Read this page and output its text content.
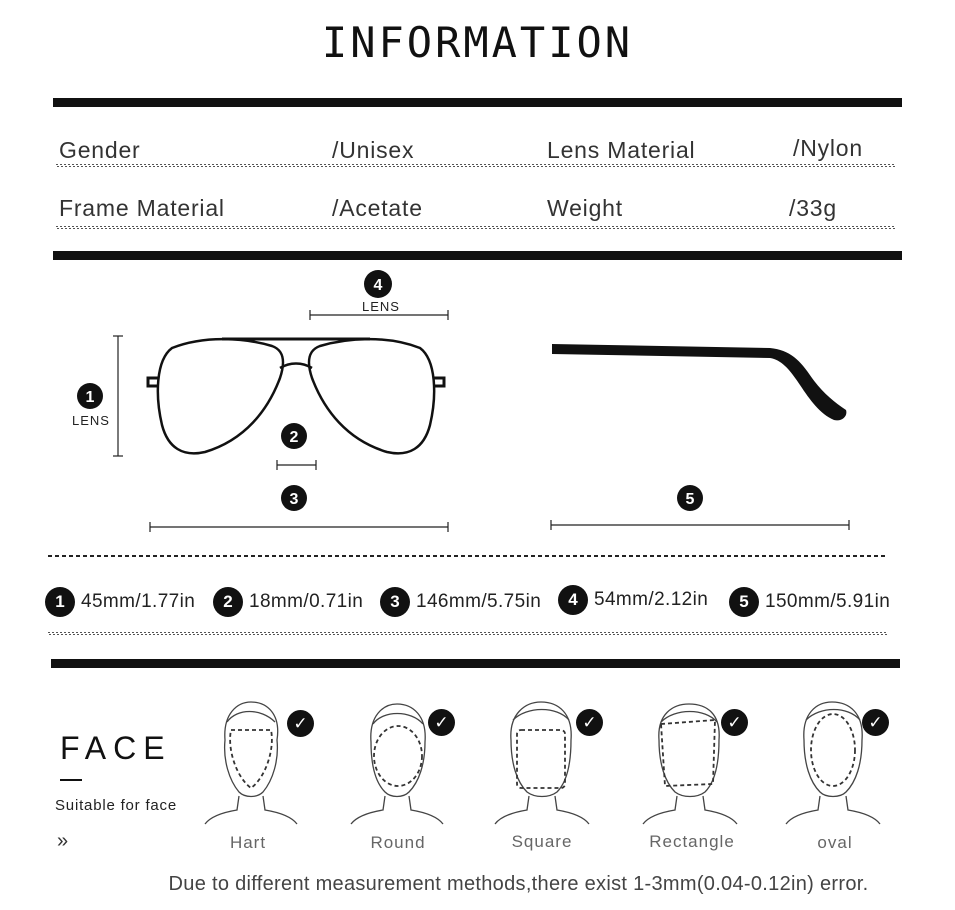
INFORMATION
Gender	/Unisex	Lens Material	/Nylon
Frame Material	/Acetate	Weight	/33g
1
LENS
4
LENS
2
3	5
1 45mm/1.77in	2 18mm/0.71in	3 146mm/5.75in	4 54mm/2.12in	5 150mm/5.91in
FACE
Suitable for face
»
✓
Hart
✓
Round
✓
Square
✓
Rectangle
✓
oval
Due to different measurement methods,there exist 1-3mm(0.04-0.12in) error.
